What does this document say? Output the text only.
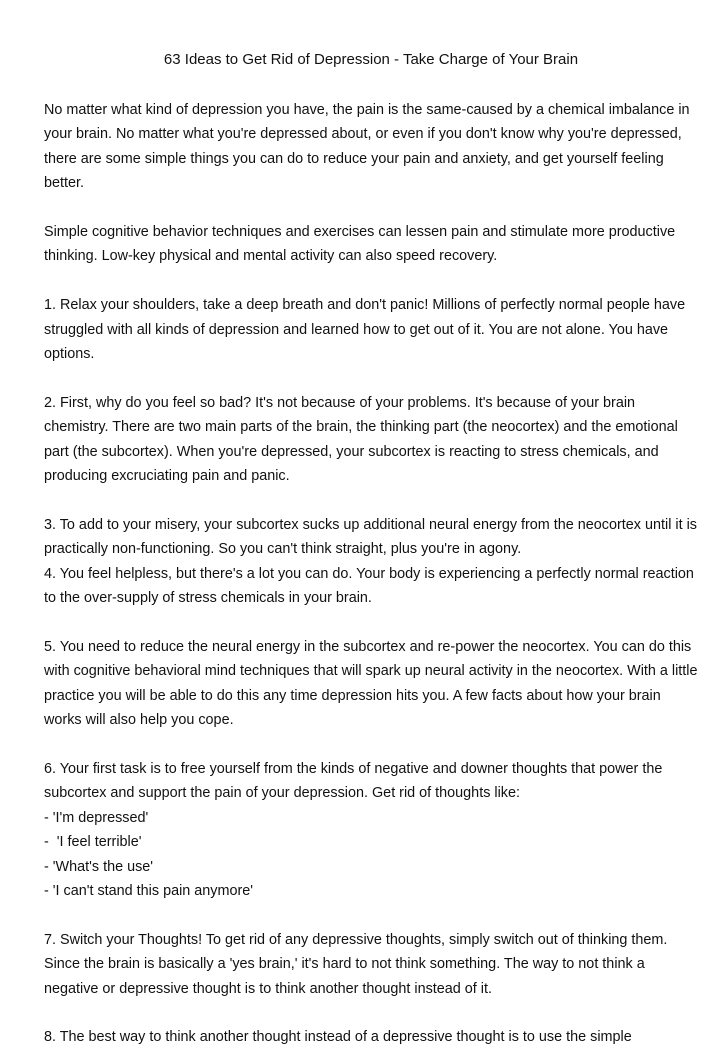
63 Ideas to Get Rid of Depression - Take Charge of Your Brain

No matter what kind of depression you have, the pain is the same-caused by a chemical imbalance in your brain. No matter what you're depressed about, or even if you don't know why you're depressed, there are some simple things you can do to reduce your pain and anxiety, and get yourself feeling better.

Simple cognitive behavior techniques and exercises can lessen pain and stimulate more productive thinking. Low-key physical and mental activity can also speed recovery.

1. Relax your shoulders, take a deep breath and don't panic! Millions of perfectly normal people have struggled with all kinds of depression and learned how to get out of it. You are not alone. You have options.

2. First, why do you feel so bad? It's not because of your problems. It's because of your brain chemistry. There are two main parts of the brain, the thinking part (the neocortex) and the emotional part (the subcortex). When you're depressed, your subcortex is reacting to stress chemicals, and producing excruciating pain and panic.

3. To add to your misery, your subcortex sucks up additional neural energy from the neocortex until it is practically non-functioning. So you can't think straight, plus you're in agony.

4. You feel helpless, but there's a lot you can do. Your body is experiencing a perfectly normal reaction to the over-supply of stress chemicals in your brain.

5. You need to reduce the neural energy in the subcortex and re-power the neocortex. You can do this with cognitive behavioral mind techniques that will spark up neural activity in the neocortex. With a little practice you will be able to do this any time depression hits you. A few facts about how your brain works will also help you cope.

6. Your first task is to free yourself from the kinds of negative and downer thoughts that power the subcortex and support the pain of your depression. Get rid of thoughts like:

- 'I'm depressed'
-  'I feel terrible'
- 'What's the use'
- 'I can't stand this pain anymore'

7. Switch your Thoughts! To get rid of any depressive thoughts, simply switch out of thinking them. Since the brain is basically a 'yes brain,' it's hard to not think something. The way to not think a negative or depressive thought is to think another thought instead of it.

8. The best way to think another thought instead of a depressive thought is to use the simple
